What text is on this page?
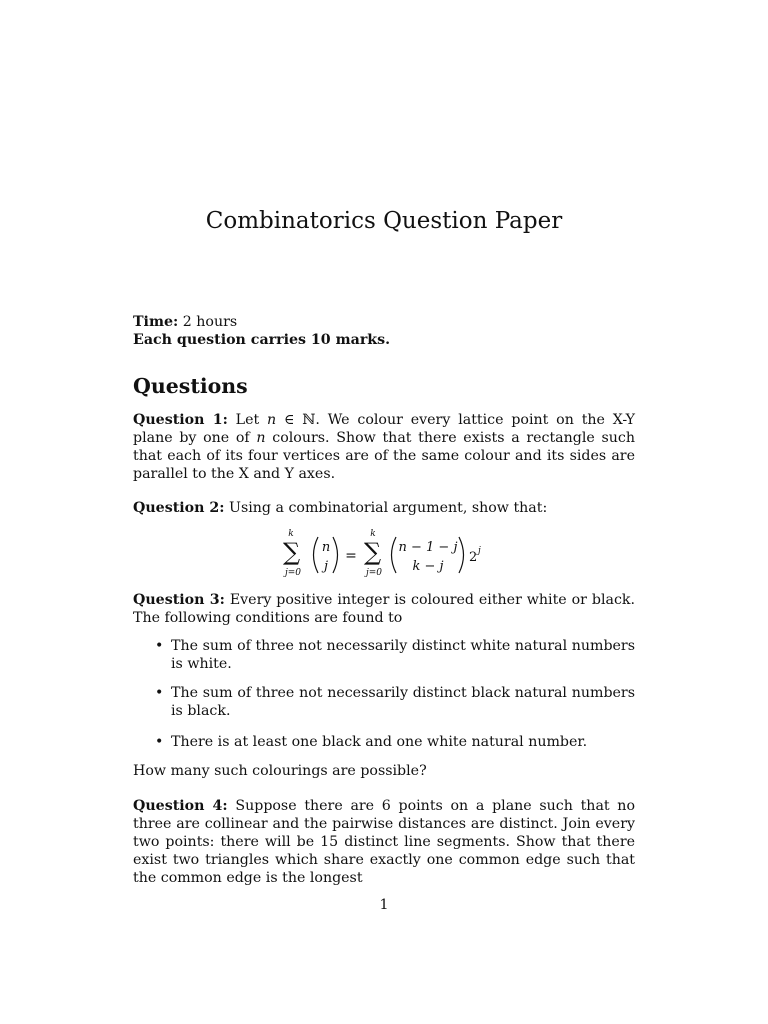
Combinatorics Question Paper
Time: 2 hours
Each question carries 10 marks.
Questions
Question 1: Let n ∈ ℕ. We colour every lattice point on the X-Y plane by one of n colours. Show that there exists a rectangle such that each of its four vertices are of the same colour and its sides are parallel to the X and Y axes.
Question 2: Using a combinatorial argument, show that:
k
∑
j=0
n
j
=
k
∑
j=0
n − 1 − j
k − j
2 j
Question 3: Every positive integer is coloured either white or black. The following conditions are found to
• The sum of three not necessarily distinct white natural numbers is white.
• The sum of three not necessarily distinct black natural numbers is black.
• There is at least one black and one white natural number.
How many such colourings are possible?
Question 4: Suppose there are 6 points on a plane such that no three are collinear and the pairwise distances are distinct. Join every two points: there will be 15 distinct line segments. Show that there exist two triangles which share exactly one common edge such that the common edge is the longest
1
